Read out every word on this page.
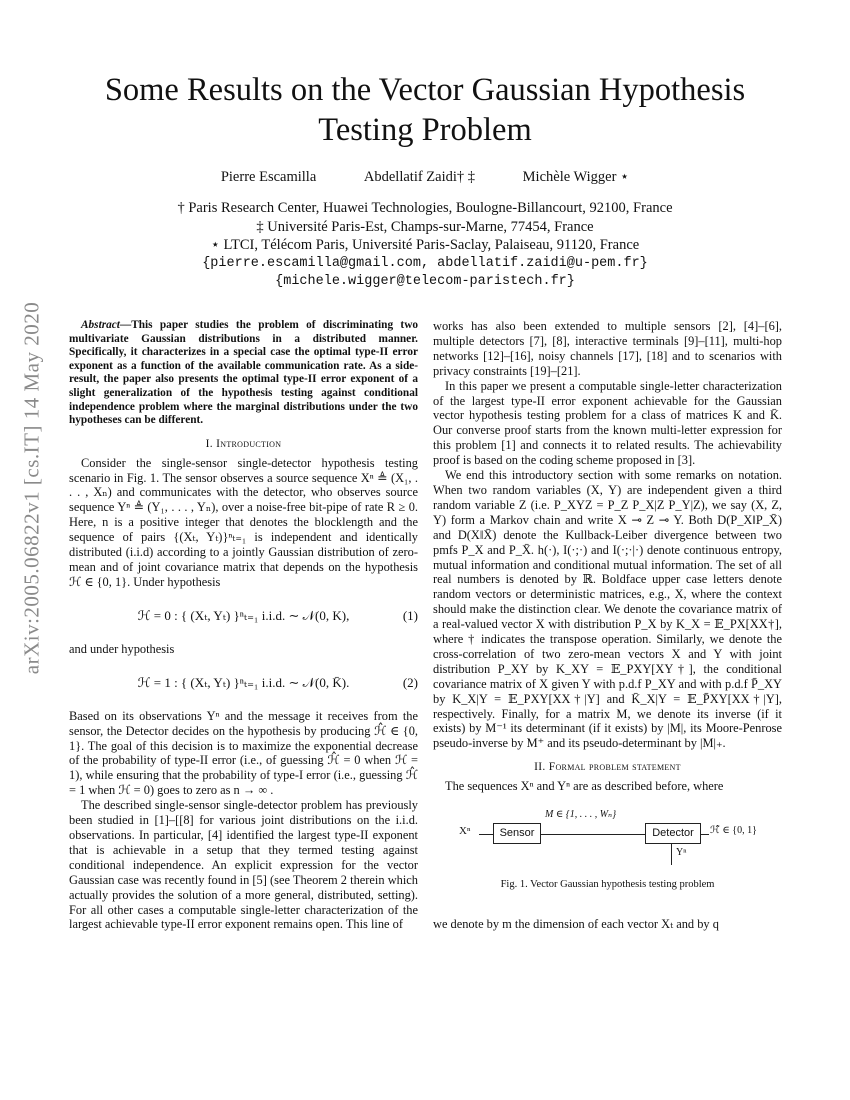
arXiv:2005.06822v1 [cs.IT] 14 May 2020
Some Results on the Vector Gaussian Hypothesis Testing Problem
Pierre Escamilla	Abdellatif Zaidi† ‡	Michèle Wigger ⋆
† Paris Research Center, Huawei Technologies, Boulogne-Billancourt, 92100, France
‡ Université Paris-Est, Champs-sur-Marne, 77454, France
⋆ LTCI, Télécom Paris, Université Paris-Saclay, Palaiseau, 91120, France
{pierre.escamilla@gmail.com, abdellatif.zaidi@u-pem.fr}
{michele.wigger@telecom-paristech.fr}

Abstract—This paper studies the problem of discriminating two multivariate Gaussian distributions in a distributed manner. Specifically, it characterizes in a special case the optimal type-II error exponent as a function of the available communication rate. As a side-result, the paper also presents the optimal type-II error exponent of a slight generalization of the hypothesis testing against conditional independence problem where the marginal distributions under the two hypotheses can be different.

I. Introduction

Consider the single-sensor single-detector hypothesis testing scenario in Fig. 1. The sensor observes a source sequence Xⁿ ≜ (X₁, . . . , Xₙ) and communicates with the detector, who observes source sequence Yⁿ ≜ (Y₁, . . . , Yₙ), over a noise-free bit-pipe of rate R ≥ 0. Here, n is a positive integer that denotes the blocklength and the sequence of pairs {(Xₜ, Yₜ)}ⁿₜ₌₁ is independent and identically distributed (i.i.d) according to a jointly Gaussian distribution of zero-mean and of joint covariance matrix that depends on the hypothesis ℋ ∈ {0, 1}. Under hypothesis

ℋ = 0 : { (Xₜ, Yₜ) }ⁿₜ₌₁ i.i.d. ∼ 𝒩(0, K),	(1)

and under hypothesis

ℋ = 1 : { (Xₜ, Yₜ) }ⁿₜ₌₁ i.i.d. ∼ 𝒩(0, K̄).	(2)

Based on its observations Yⁿ and the message it receives from the sensor, the Detector decides on the hypothesis by producing ℋ̂ ∈ {0, 1}. The goal of this decision is to maximize the exponential decrease of the probability of type-II error (i.e., of guessing ℋ̂ = 0 when ℋ = 1), while ensuring that the probability of type-I error (i.e., guessing ℋ̂ = 1 when ℋ = 0) goes to zero as n → ∞ .

The described single-sensor single-detector problem has previously been studied in [1]–[[8] for various joint distributions on the i.i.d. observations. In particular, [4] identified the largest type-II exponent that is achievable in a setup that they termed testing against conditional independence. An explicit expression for the vector Gaussian case was recently found in [5] (see Theorem 2 therein which actually provides the solution of a more general, distributed, setting). For all other cases a computable single-letter characterization of the largest achievable type-II error exponent remains open. This line of

works has also been extended to multiple sensors [2], [4]–[6], multiple detectors [7], [8], interactive terminals [9]–[11], multi-hop networks [12]–[16], noisy channels [17], [18] and to scenarios with privacy constraints [19]–[21].

In this paper we present a computable single-letter characterization of the largest type-II error exponent achievable for the Gaussian vector hypothesis testing problem for a class of matrices K and K̄. Our converse proof starts from the known multi-letter expression for this problem [1] and connects it to related results. The achievability proof is based on the coding scheme proposed in [3].

We end this introductory section with some remarks on notation. When two random variables (X, Y) are independent given a third random variable Z (i.e. P_XYZ = P_Z P_X|Z P_Y|Z), we say (X, Z, Y) form a Markov chain and write X ⊸ Z ⊸ Y. Both D(P_X‖P_X̄) and D(X‖X̄) denote the Kullback-Leiber divergence between two pmfs P_X and P_X̄. h(·), I(·;·) and I(·;·|·) denote continuous entropy, mutual information and conditional mutual information. The set of all real numbers is denoted by ℝ. Boldface upper case letters denote random vectors or deterministic matrices, e.g., X, where the context should make the distinction clear. We denote the covariance matrix of a real-valued vector X with distribution P_X by K_X = 𝔼_PX[XX†], where † indicates the transpose operation. Similarly, we denote the cross-correlation of two zero-mean vectors X and Y with joint distribution P_XY by K_XY = 𝔼_PXY[XY†], the conditional covariance matrix of X given Y with p.d.f P_XY and with p.d.f P̄_XY by K_X|Y = 𝔼_PXY[XX†|Y] and K̄_X|Y = 𝔼_P̄XY[XX†|Y], respectively. Finally, for a matrix M, we denote its inverse (if it exists) by M⁻¹ its determinant (if it exists) by |M|, its Moore-Penrose pseudo-inverse by M⁺ and its pseudo-determinant by |M|₊.

II. Formal problem statement

The sequences Xⁿ and Yⁿ are as described before, where

Xⁿ	Sensor
M ∈ {1, . . . , Wₙ}
Detector	ℋ̂ ∈ {0, 1}
Yⁿ
Fig. 1. Vector Gaussian hypothesis testing problem

we denote by m the dimension of each vector Xₜ and by q
